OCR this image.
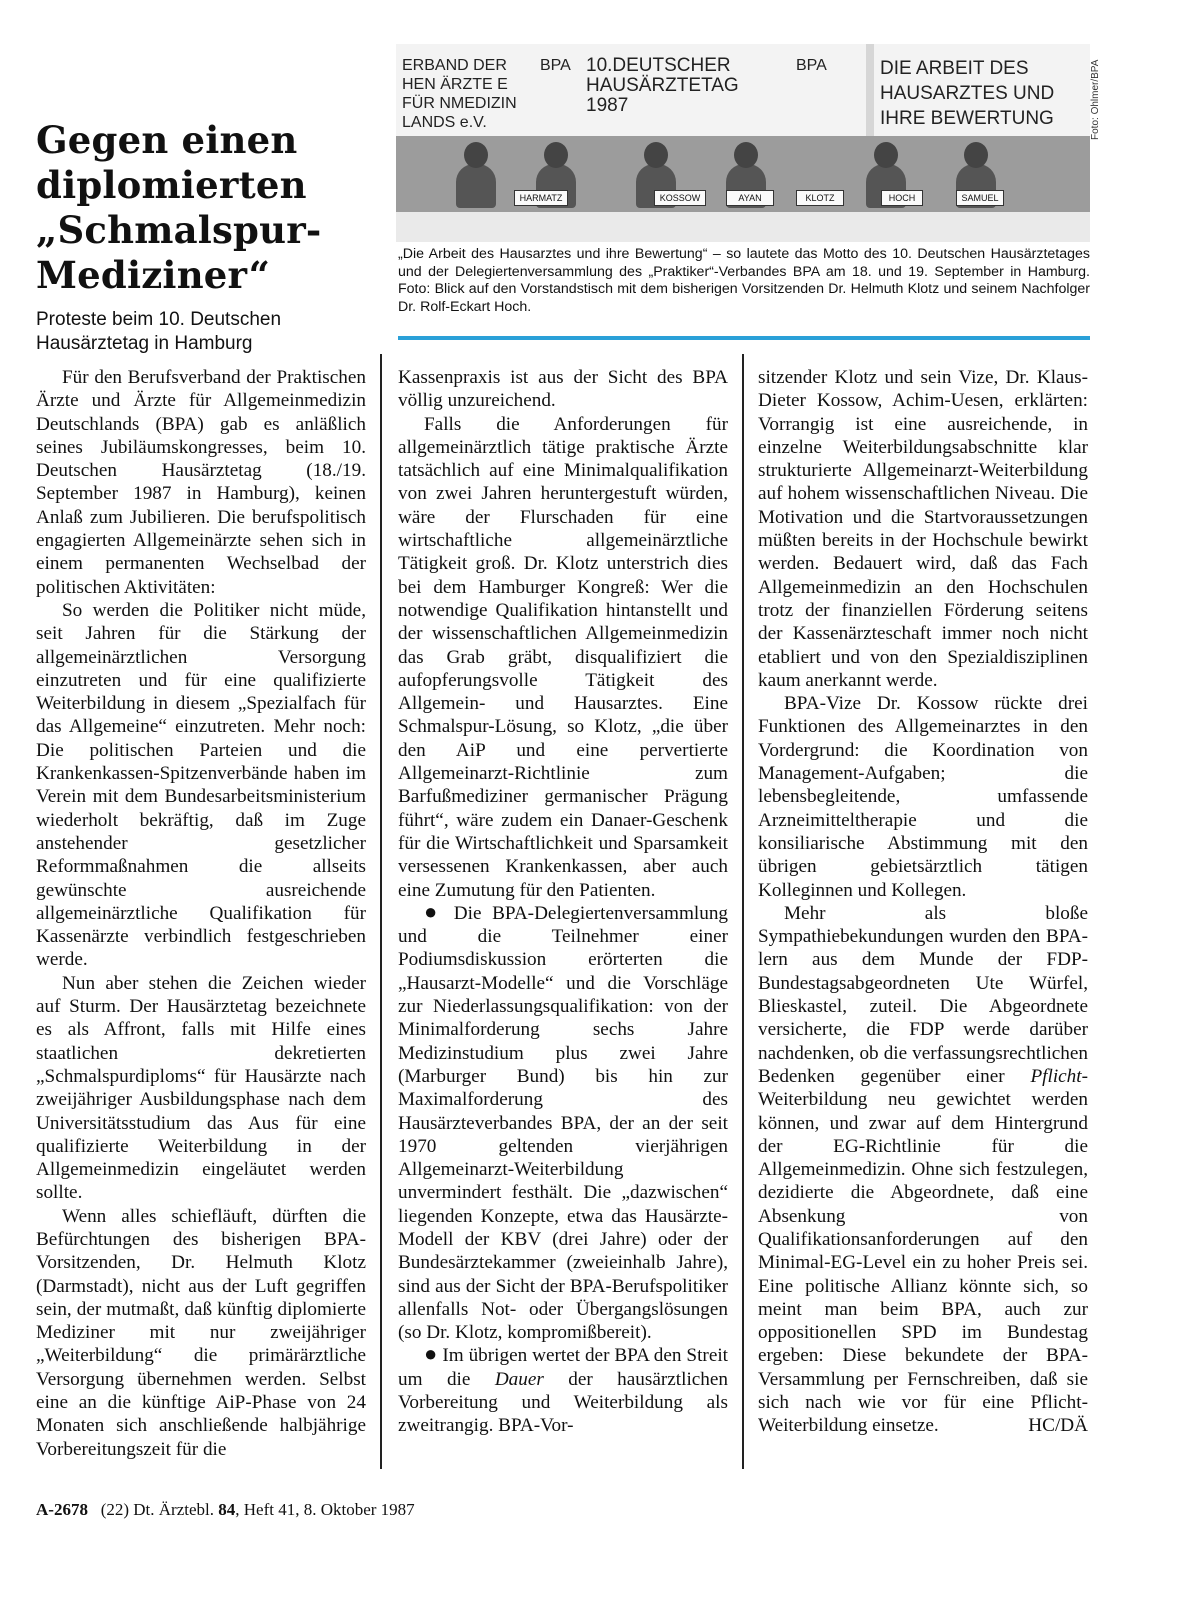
Gegen einen diplomierten „Schmalspur-Mediziner“

Proteste beim 10. Deutschen Hausärztetag in Hamburg

ERBAND DER HEN ÄRZTE E FÜR NMEDIZIN LANDS e.V.
BPA 10.DEUTSCHER HAUSÄRZTETAG 1987
BPA	DIE ARBEIT DES HAUSARZTES UND IHRE BEWERTUNG
HARMATZ	KOSSOW	AYAN	KLOTZ	HOCH	SAMUEL
Foto: Ohlmer/BPA

„Die Arbeit des Hausarztes und ihre Bewertung“ – so lautete das Motto des 10. Deutschen Hausärztetages und der Delegiertenversammlung des „Praktiker“-Verbandes BPA am 18. und 19. September in Hamburg. Foto: Blick auf den Vorstandstisch mit dem bisherigen Vorsitzenden Dr. Helmuth Klotz und seinem Nachfolger Dr. Rolf-Eckart Hoch.

Für den Berufsverband der Praktischen Ärzte und Ärzte für Allgemeinmedizin Deutschlands (BPA) gab es anläßlich seines Jubiläumskongresses, beim 10. Deutschen Hausärztetag (18./19. September 1987 in Hamburg), keinen Anlaß zum Jubilieren. Die berufspolitisch engagierten Allgemeinärzte sehen sich in einem permanenten Wechselbad der politischen Aktivitäten:

So werden die Politiker nicht müde, seit Jahren für die Stärkung der allgemeinärztlichen Versorgung einzutreten und für eine qualifizierte Weiterbildung in diesem „Spezialfach für das Allgemeine“ einzutreten. Mehr noch: Die politischen Parteien und die Krankenkassen-Spitzenverbände haben im Verein mit dem Bundesarbeitsministerium wiederholt bekräftig, daß im Zuge anstehender gesetzlicher Reformmaßnahmen die allseits gewünschte ausreichende allgemeinärztliche Qualifikation für Kassenärzte verbindlich festgeschrieben werde.

Nun aber stehen die Zeichen wieder auf Sturm. Der Hausärztetag bezeichnete es als Affront, falls mit Hilfe eines staatlichen dekretierten „Schmalspurdiploms“ für Hausärzte nach zweijähriger Ausbildungsphase nach dem Universitätsstudium das Aus für eine qualifizierte Weiterbildung in der Allgemeinmedizin eingeläutet werden sollte.

Wenn alles schiefläuft, dürften die Befürchtungen des bisherigen BPA-Vorsitzenden, Dr. Helmuth Klotz (Darmstadt), nicht aus der Luft gegriffen sein, der mutmaßt, daß künftig diplomierte Mediziner mit nur zweijähriger „Weiterbildung“ die primärärztliche Versorgung übernehmen werden. Selbst eine an die künftige AiP-Phase von 24 Monaten sich anschließende halbjährige Vorbereitungszeit für die

Kassenpraxis ist aus der Sicht des BPA völlig unzureichend.

Falls die Anforderungen für allgemeinärztlich tätige praktische Ärzte tatsächlich auf eine Minimalqualifikation von zwei Jahren heruntergestuft würden, wäre der Flurschaden für eine wirtschaftliche allgemeinärztliche Tätigkeit groß. Dr. Klotz unterstrich dies bei dem Hamburger Kongreß: Wer die notwendige Qualifikation hintanstellt und der wissenschaftlichen Allgemeinmedizin das Grab gräbt, disqualifiziert die aufopferungsvolle Tätigkeit des Allgemein- und Hausarztes. Eine Schmalspur-Lösung, so Klotz, „die über den AiP und eine pervertierte Allgemeinarzt-Richtlinie zum Barfußmediziner germanischer Prägung führt“, wäre zudem ein Danaer-Geschenk für die Wirtschaftlichkeit und Sparsamkeit versessenen Krankenkassen, aber auch eine Zumutung für den Patienten.

● Die BPA-Delegiertenversammlung und die Teilnehmer einer Podiumsdiskussion erörterten die „Hausarzt-Modelle“ und die Vorschläge zur Niederlassungsqualifikation: von der Minimalforderung sechs Jahre Medizinstudium plus zwei Jahre (Marburger Bund) bis hin zur Maximalforderung des Hausärzteverbandes BPA, der an der seit 1970 geltenden vierjährigen Allgemeinarzt-Weiterbildung unvermindert festhält. Die „dazwischen“ liegenden Konzepte, etwa das Hausärzte-Modell der KBV (drei Jahre) oder der Bundesärztekammer (zweieinhalb Jahre), sind aus der Sicht der BPA-Berufspolitiker allenfalls Not- oder Übergangslösungen (so Dr. Klotz, kompromißbereit).

● Im übrigen wertet der BPA den Streit um die Dauer der hausärztlichen Vorbereitung und Weiterbildung als zweitrangig. BPA-Vor-

sitzender Klotz und sein Vize, Dr. Klaus-Dieter Kossow, Achim-Uesen, erklärten: Vorrangig ist eine ausreichende, in einzelne Weiterbildungsabschnitte klar strukturierte Allgemeinarzt-Weiterbildung auf hohem wissenschaftlichen Niveau. Die Motivation und die Startvoraussetzungen müßten bereits in der Hochschule bewirkt werden. Bedauert wird, daß das Fach Allgemeinmedizin an den Hochschulen trotz der finanziellen Förderung seitens der Kassenärzteschaft immer noch nicht etabliert und von den Spezialdisziplinen kaum anerkannt werde.

BPA-Vize Dr. Kossow rückte drei Funktionen des Allgemeinarztes in den Vordergrund: die Koordination von Management-Aufgaben; die lebensbegleitende, umfassende Arzneimitteltherapie und die konsiliarische Abstimmung mit den übrigen gebietsärztlich tätigen Kolleginnen und Kollegen.

Mehr als bloße Sympathiebekundungen wurden den BPA-lern aus dem Munde der FDP-Bundestagsabgeordneten Ute Würfel, Blieskastel, zuteil. Die Abgeordnete versicherte, die FDP werde darüber nachdenken, ob die verfassungsrechtlichen Bedenken gegenüber einer Pflicht-Weiterbildung neu gewichtet werden können, und zwar auf dem Hintergrund der EG-Richtlinie für die Allgemeinmedizin. Ohne sich festzulegen, dezidierte die Abgeordnete, daß eine Absenkung von Qualifikationsanforderungen auf den Minimal-EG-Level ein zu hoher Preis sei. Eine politische Allianz könnte sich, so meint man beim BPA, auch zur oppositionellen SPD im Bundestag ergeben: Diese bekundete der BPA-Versammlung per Fernschreiben, daß sie sich nach wie vor für eine Pflicht-Weiterbildung einsetze.	HC/DÄ

A-2678 (22) Dt. Ärztebl. 84, Heft 41, 8. Oktober 1987
